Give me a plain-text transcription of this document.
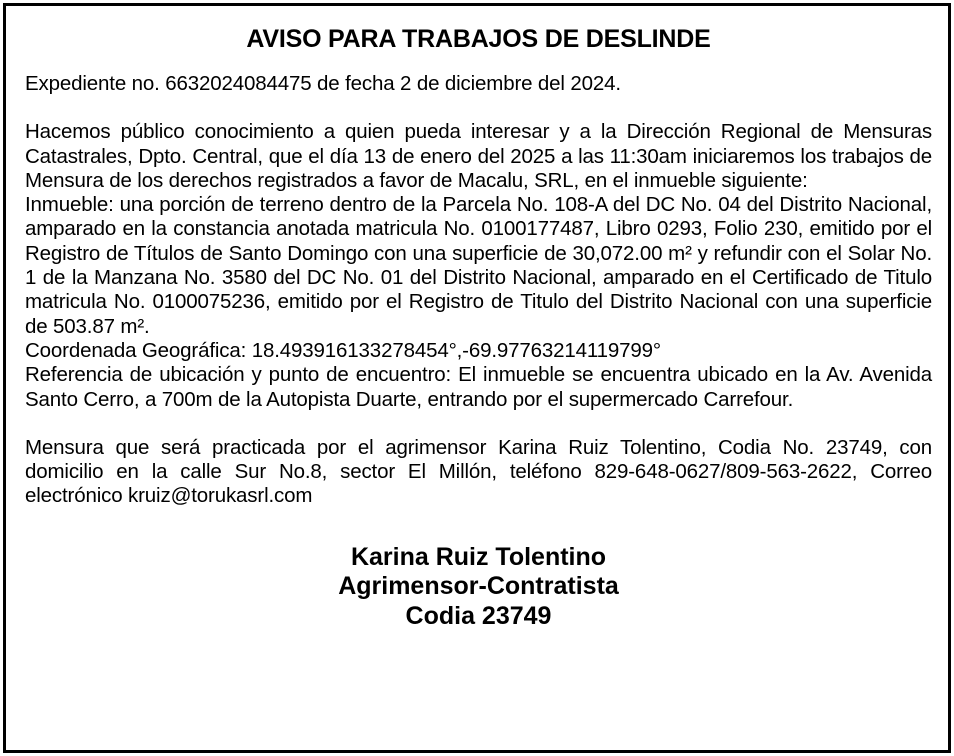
AVISO PARA TRABAJOS DE DESLINDE

Expediente no. 6632024084475 de fecha 2 de diciembre del 2024.

Hacemos público conocimiento a quien pueda interesar y a la Dirección Regional de Mensuras Catastrales, Dpto. Central, que el día 13 de enero del 2025 a las 11:30am iniciaremos los trabajos de Mensura de los derechos registrados a favor de Macalu, SRL, en el inmueble siguiente:

Inmueble: una porción de terreno dentro de la Parcela No. 108-A del DC No. 04 del Distrito Nacional, amparado en la constancia anotada matricula No. 0100177487, Libro 0293, Folio 230, emitido por el Registro de Títulos de Santo Domingo con una superficie de 30,072.00 m² y refundir con el Solar No. 1 de la Manzana No. 3580 del DC No. 01 del Distrito Nacional, amparado en el Certificado de Titulo matricula No. 0100075236, emitido por el Registro de Titulo del Distrito Nacional con una superficie de 503.87 m².

Coordenada Geográfica: 18.493916133278454°,-69.97763214119799°

Referencia de ubicación y punto de encuentro: El inmueble se encuentra ubicado en la Av. Avenida Santo Cerro, a 700m de la Autopista Duarte, entrando por el supermercado Carrefour.

Mensura que será practicada por el agrimensor Karina Ruiz Tolentino, Codia No. 23749, con domicilio en la calle Sur No.8, sector El Millón, teléfono 829-648-0627/809-563-2622, Correo electrónico kruiz@torukasrl.com

Karina Ruiz Tolentino
Agrimensor-Contratista
Codia 23749
